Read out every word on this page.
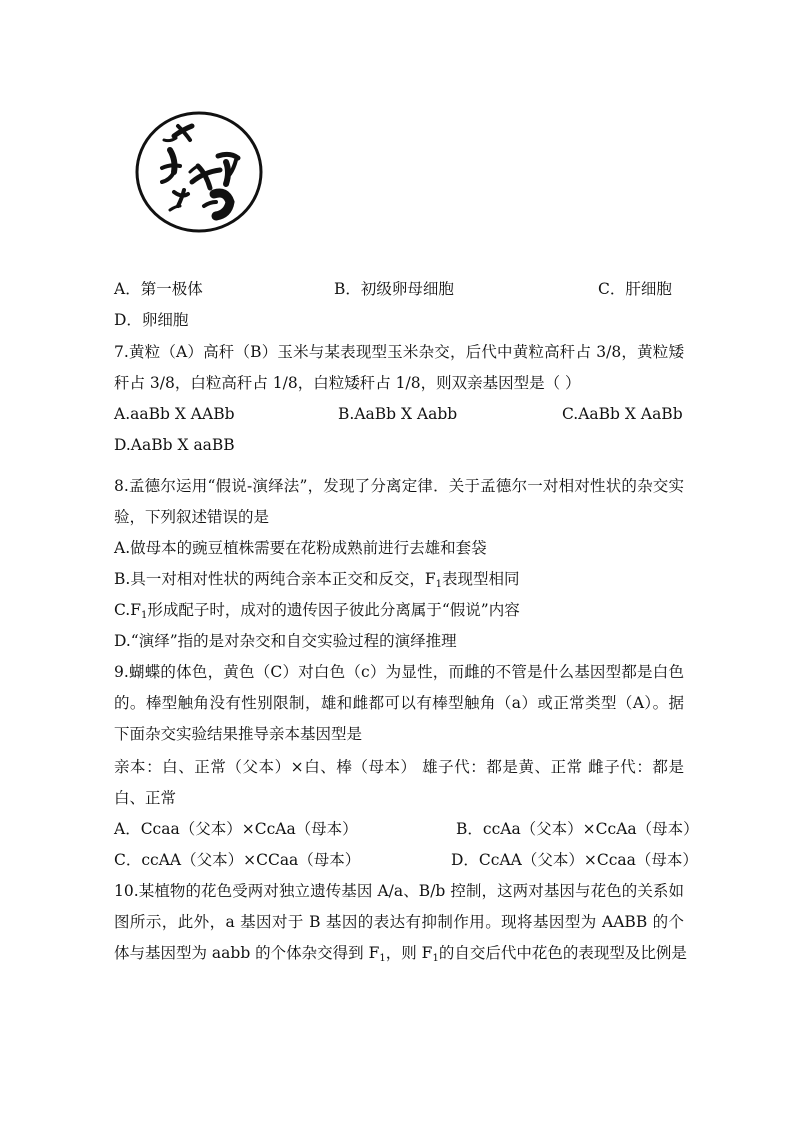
A．第一极体	B．初级卵母细胞	C．肝细胞
D．卵细胞
7.黄粒（A）高秆（B）玉米与某表现型玉米杂交，后代中黄粒高秆占 3/8，黄粒矮
秆占 3/8，白粒高秆占 1/8，白粒矮秆占 1/8，则双亲基因型是（ ）
A.aaBb X AABb	B.AaBb X Aabb	C.AaBb X AaBb
D.AaBb X aaBB
8.孟德尔运用“假说-演绎法”，发现了分离定律．关于孟德尔一对相对性状的杂交实
验，下列叙述错误的是
A.做母本的豌豆植株需要在花粉成熟前进行去雄和套袋
B.具一对相对性状的两纯合亲本正交和反交，$F_1$表现型相同
$C.F_1$形成配子时，成对的遗传因子彼此分离属于“假说”内容
D.“演绎”指的是对杂交和自交实验过程的演绎推理
9.蝴蝶的体色，黄色（C）对白色（c）为显性，而雌的不管是什么基因型都是白色
的。棒型触角没有性别限制，雄和雌都可以有棒型触角（a）或正常类型（A）。据
下面杂交实验结果推导亲本基因型是
亲本：白、正常（父本）×白、棒（母本） 雄子代：都是黄、正常 雌子代：都是
白、正常
A．Ccaa（父本）×CcAa（母本）	B．ccAa（父本）×CcAa（母本）
C．ccAA（父本）×CCaa（母本）	D．CcAA（父本）×Ccaa（母本）
10.某植物的花色受两对独立遗传基因 A/a、B/b 控制，这两对基因与花色的关系如
图所示，此外，a 基因对于 B 基因的表达有抑制作用。现将基因型为 AABB 的个
体与基因型为 aabb 的个体杂交得到 $F_1$，则 $F_1$的自交后代中花色的表现型及比例是
